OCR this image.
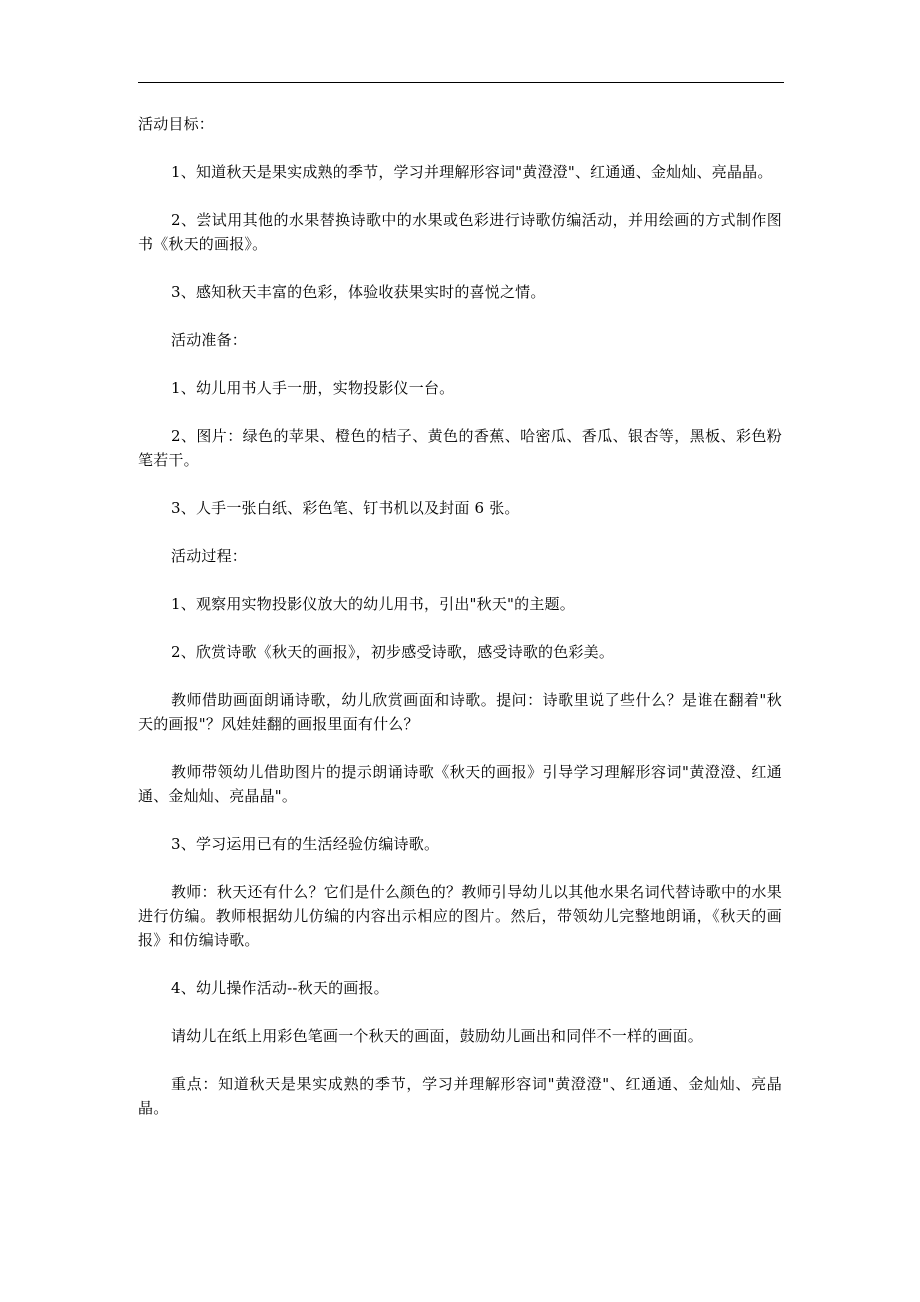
活动目标：

1、知道秋天是果实成熟的季节，学习并理解形容词"黄澄澄"、红通通、金灿灿、亮晶晶。

2、尝试用其他的水果替换诗歌中的水果或色彩进行诗歌仿编活动，并用绘画的方式制作图书《秋天的画报》。

3、感知秋天丰富的色彩，体验收获果实时的喜悦之情。

活动准备：

1、幼儿用书人手一册，实物投影仪一台。

2、图片：绿色的苹果、橙色的桔子、黄色的香蕉、哈密瓜、香瓜、银杏等，黑板、彩色粉笔若干。

3、人手一张白纸、彩色笔、钉书机以及封面 6 张。

活动过程：

1、观察用实物投影仪放大的幼儿用书，引出"秋天"的主题。

2、欣赏诗歌《秋天的画报》，初步感受诗歌，感受诗歌的色彩美。

教师借助画面朗诵诗歌，幼儿欣赏画面和诗歌。提问：诗歌里说了些什么？是谁在翻着"秋天的画报"？风娃娃翻的画报里面有什么？

教师带领幼儿借助图片的提示朗诵诗歌《秋天的画报》引导学习理解形容词"黄澄澄、红通通、金灿灿、亮晶晶"。

3、学习运用已有的生活经验仿编诗歌。

教师：秋天还有什么？它们是什么颜色的？教师引导幼儿以其他水果名词代替诗歌中的水果进行仿编。教师根据幼儿仿编的内容出示相应的图片。然后，带领幼儿完整地朗诵，《秋天的画报》和仿编诗歌。

4、幼儿操作活动--秋天的画报。

请幼儿在纸上用彩色笔画一个秋天的画面，鼓励幼儿画出和同伴不一样的画面。

重点：知道秋天是果实成熟的季节，学习并理解形容词"黄澄澄"、红通通、金灿灿、亮晶晶。
